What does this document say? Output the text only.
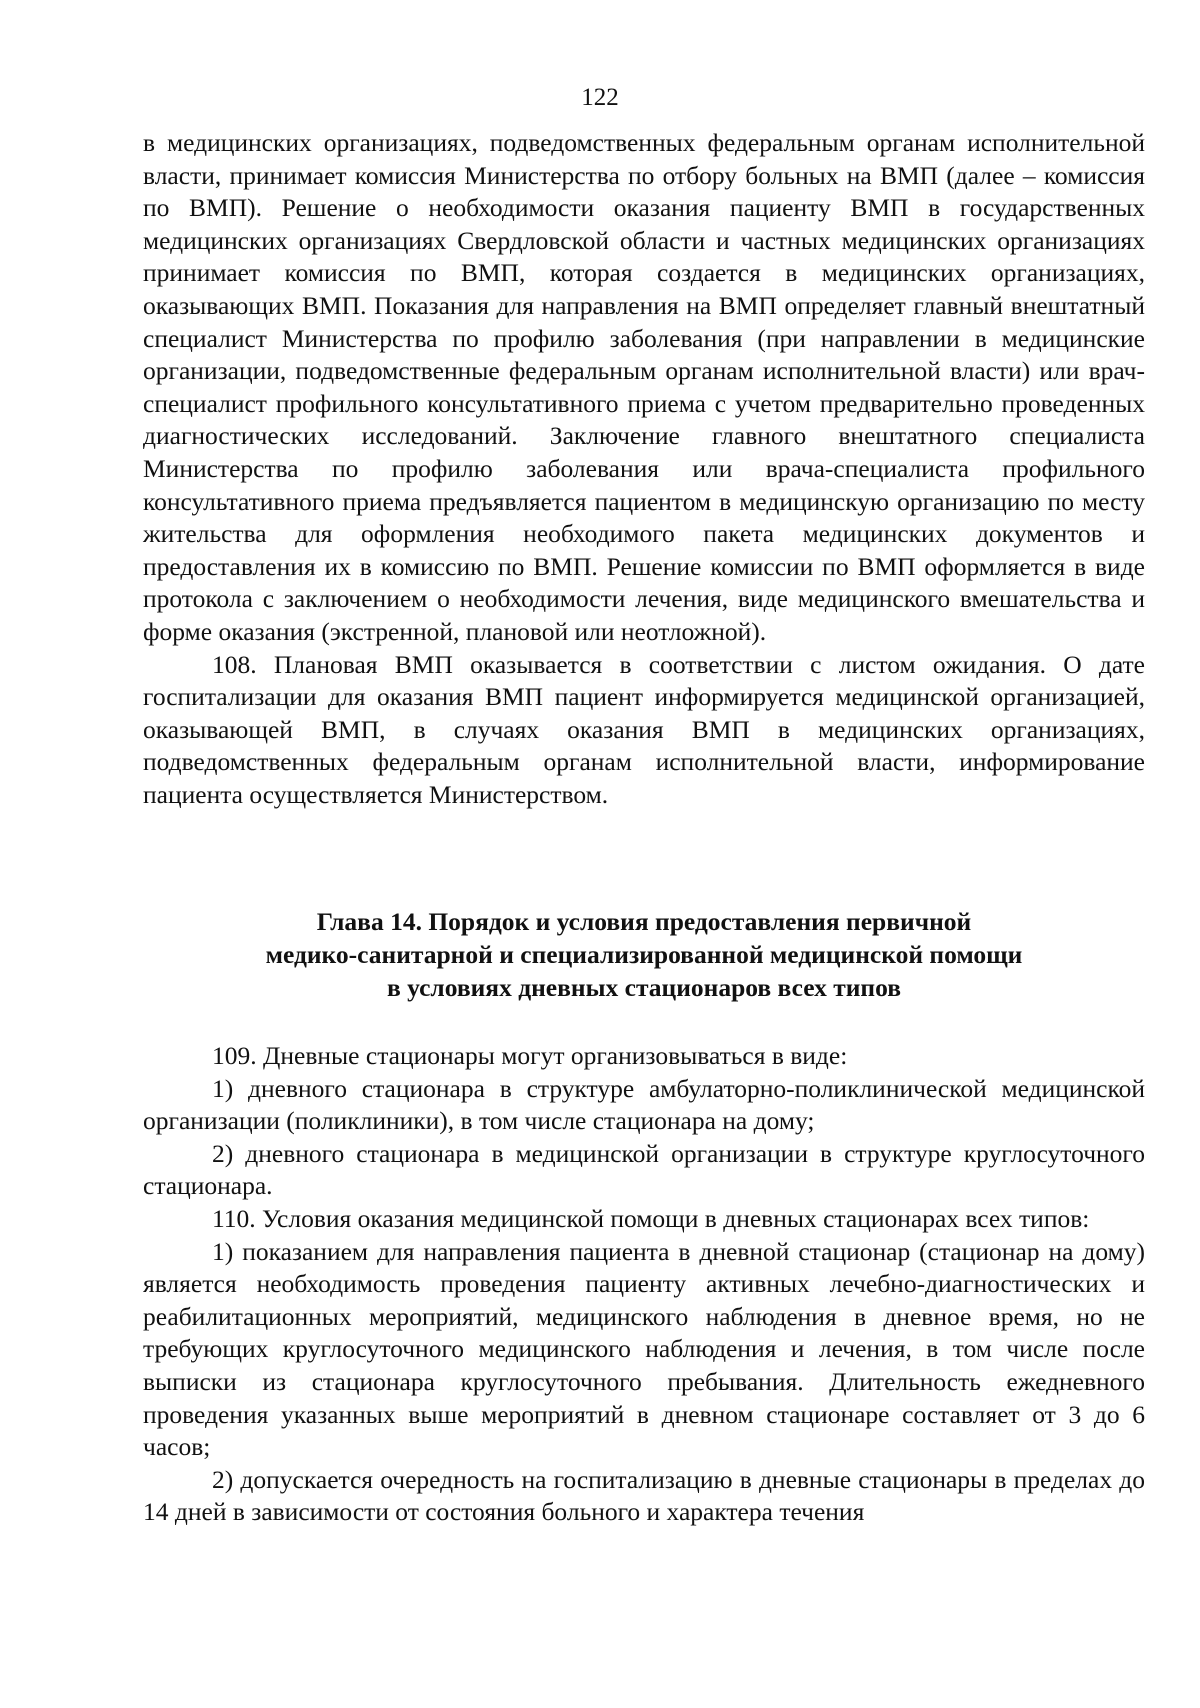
122

в медицинских организациях, подведомственных федеральным органам исполнительной власти, принимает комиссия Министерства по отбору больных на ВМП (далее – комиссия по ВМП). Решение о необходимости оказания пациенту ВМП в государственных медицинских организациях Свердловской области и частных медицинских организациях принимает комиссия по ВМП, которая создается в медицинских организациях, оказывающих ВМП. Показания для направления на ВМП определяет главный внештатный специалист Министерства по профилю заболевания (при направлении в медицинские организации, подведомственные федеральным органам исполнительной власти) или врач-специалист профильного консультативного приема с учетом предварительно проведенных диагностических исследований. Заключение главного внештатного специалиста Министерства по профилю заболевания или врача-специалиста профильного консультативного приема предъявляется пациентом в медицинскую организацию по месту жительства для оформления необходимого пакета медицинских документов и предоставления их в комиссию по ВМП. Решение комиссии по ВМП оформляется в виде протокола с заключением о необходимости лечения, виде медицинского вмешательства и форме оказания (экстренной, плановой или неотложной).

108. Плановая ВМП оказывается в соответствии с листом ожидания. О дате госпитализации для оказания ВМП пациент информируется медицинской организацией, оказывающей ВМП, в случаях оказания ВМП в медицинских организациях, подведомственных федеральным органам исполнительной власти, информирование пациента осуществляется Министерством.

Глава 14. Порядок и условия предоставления первичной
медико-санитарной и специализированной медицинской помощи
в условиях дневных стационаров всех типов

109. Дневные стационары могут организовываться в виде:

1) дневного стационара в структуре амбулаторно-поликлинической медицинской организации (поликлиники), в том числе стационара на дому;

2) дневного стационара в медицинской организации в структуре круглосуточного стационара.

110. Условия оказания медицинской помощи в дневных стационарах всех типов:

1) показанием для направления пациента в дневной стационар (стационар на дому) является необходимость проведения пациенту активных лечебно-диагностических и реабилитационных мероприятий, медицинского наблюдения в дневное время, но не требующих круглосуточного медицинского наблюдения и лечения, в том числе после выписки из стационара круглосуточного пребывания. Длительность ежедневного проведения указанных выше мероприятий в дневном стационаре составляет от 3 до 6 часов;

2) допускается очередность на госпитализацию в дневные стационары в пределах до 14 дней в зависимости от состояния больного и характера течения
